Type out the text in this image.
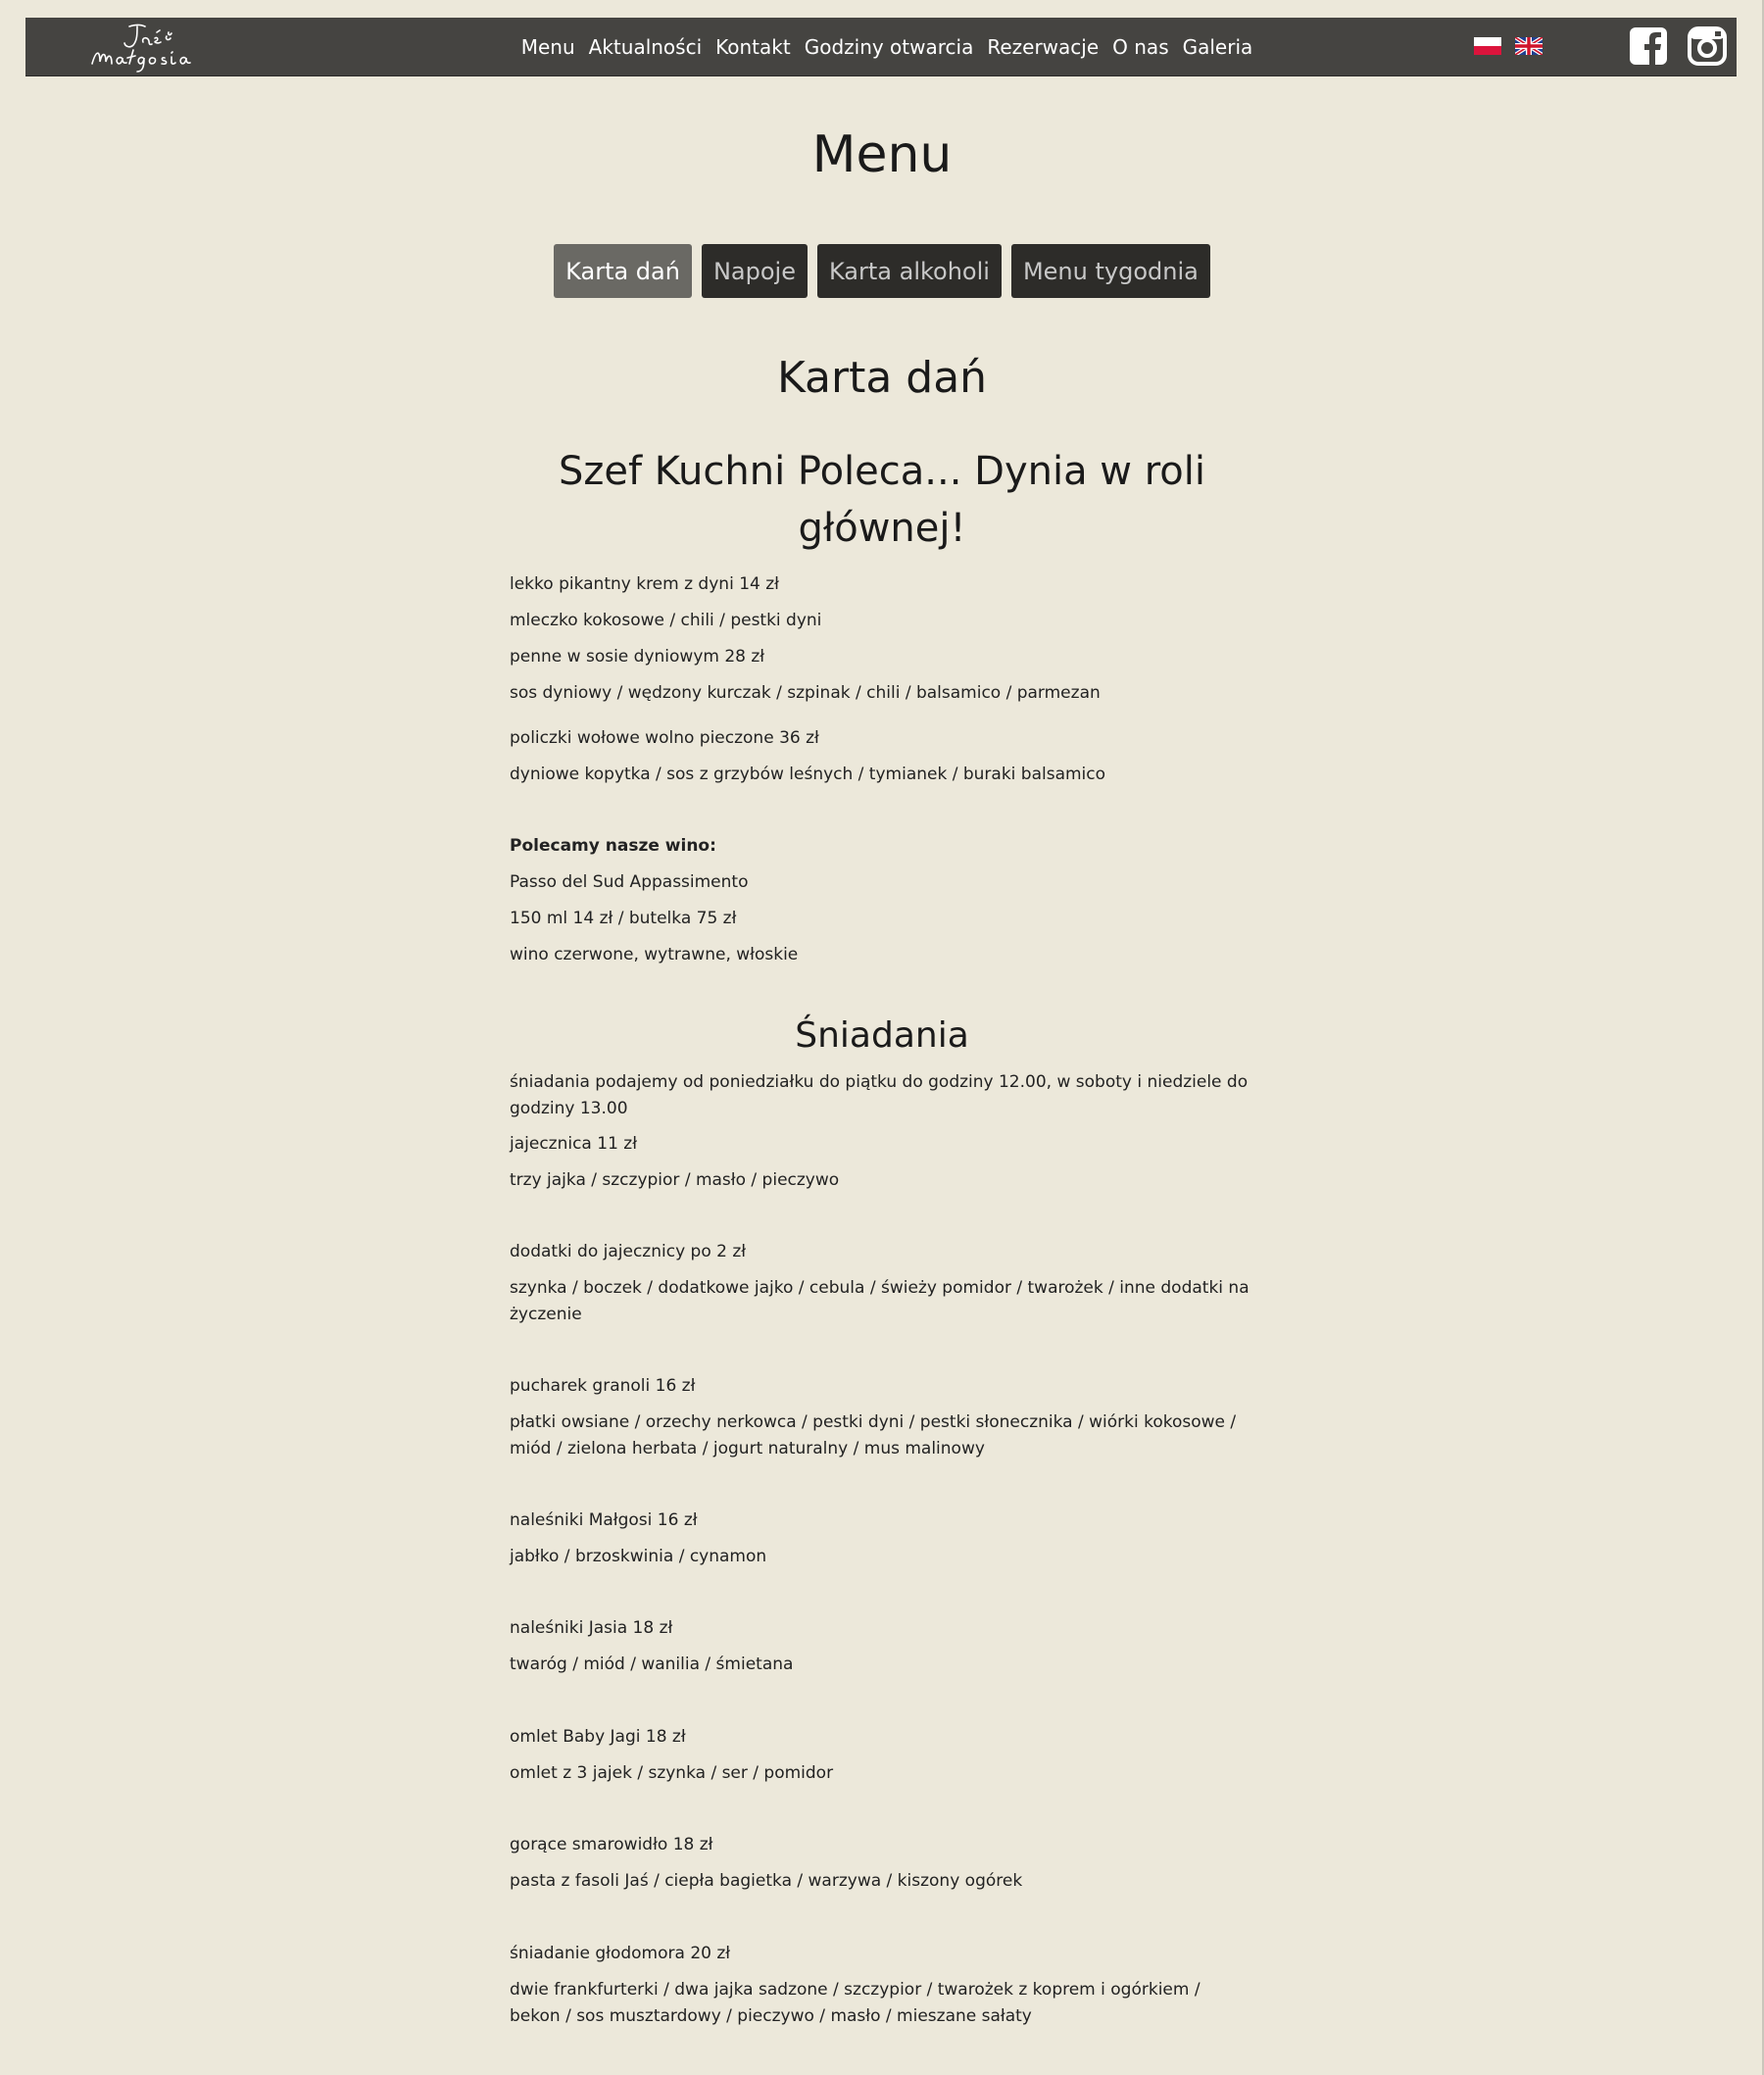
Menu Aktualności Kontakt Godziny otwarcia Rezerwacje O nas Galeria
Menu
Karta dań	Napoje	Karta alkoholi	Menu tygodnia
Karta dań
Szef Kuchni Poleca... Dynia w roli głównej!
lekko pikantny krem z dyni 14 zł
mleczko kokosowe / chili / pestki dyni
penne w sosie dyniowym 28 zł
sos dyniowy / wędzony kurczak / szpinak / chili / balsamico / parmezan
policzki wołowe wolno pieczone 36 zł
dyniowe kopytka / sos z grzybów leśnych / tymianek / buraki balsamico
Polecamy nasze wino:
Passo del Sud Appassimento
150 ml 14 zł / butelka 75 zł
wino czerwone, wytrawne, włoskie
Śniadania
śniadania podajemy od poniedziałku do piątku do godziny 12.00, w soboty i niedziele do godziny 13.00
jajecznica 11 zł
trzy jajka / szczypior / masło / pieczywo
dodatki do jajecznicy po 2 zł
szynka / boczek / dodatkowe jajko / cebula / świeży pomidor / twarożek / inne dodatki na życzenie
pucharek granoli 16 zł
płatki owsiane / orzechy nerkowca / pestki dyni / pestki słonecznika / wiórki kokosowe / miód / zielona herbata / jogurt naturalny / mus malinowy
naleśniki Małgosi 16 zł
jabłko / brzoskwinia / cynamon
naleśniki Jasia 18 zł
twaróg / miód / wanilia / śmietana
omlet Baby Jagi 18 zł
omlet z 3 jajek / szynka / ser / pomidor
gorące smarowidło 18 zł
pasta z fasoli Jaś / ciepła bagietka / warzywa / kiszony ogórek
śniadanie głodomora 20 zł
dwie frankfurterki / dwa jajka sadzone / szczypior / twarożek z koprem i ogórkiem / bekon / sos musztardowy / pieczywo / masło / mieszane sałaty
